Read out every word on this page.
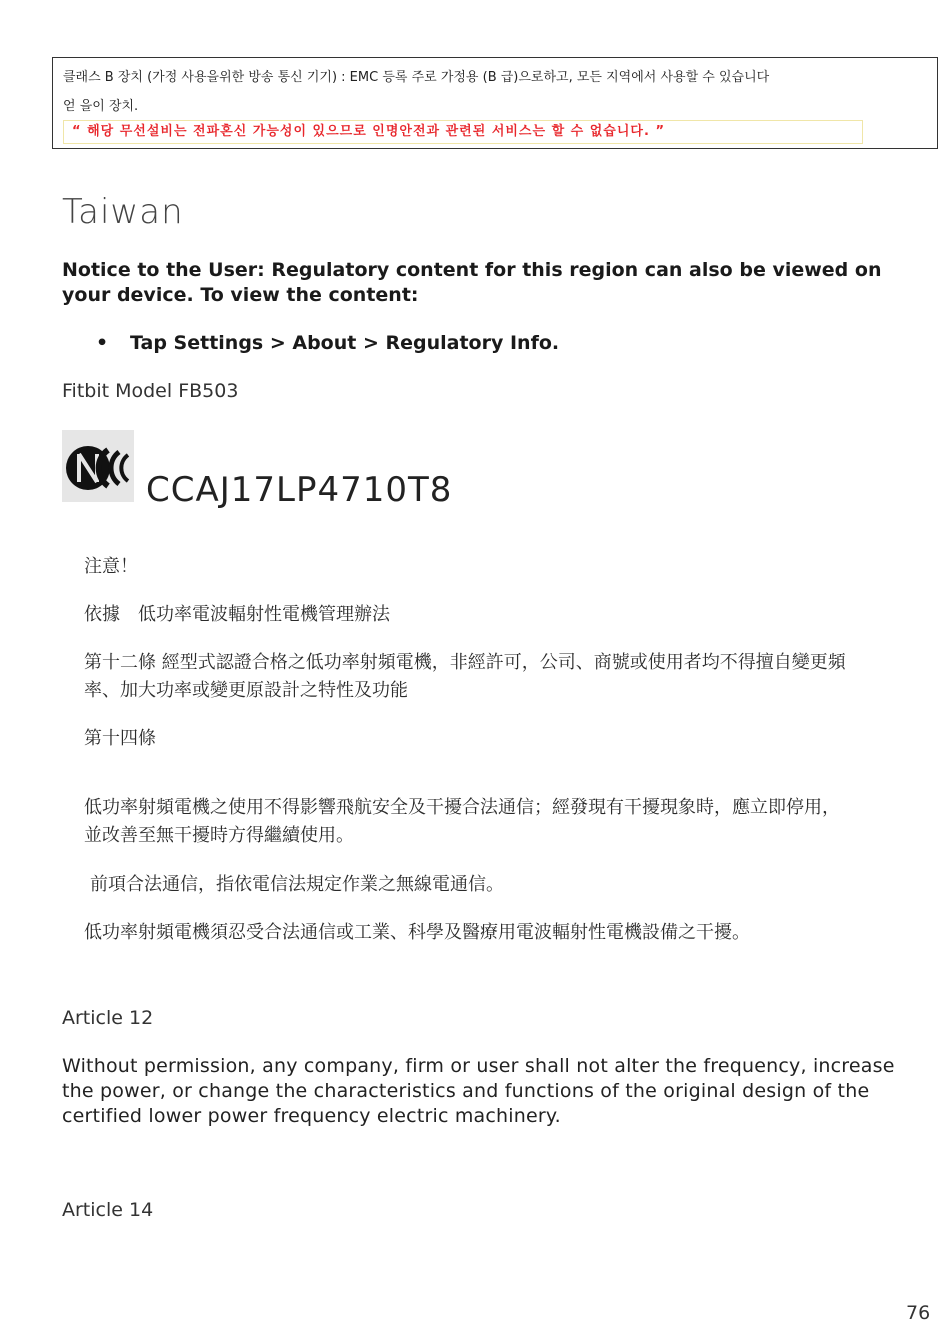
클래스 B 장치 (가정 사용을위한 방송 통신 기기) : EMC 등록 주로 가정용 (B 급)으로하고, 모든 지역에서 사용할 수 있습니다
얻 을이 장치.
“ 해당 무선설비는 전파혼신 가능성이 있으므로 인명안전과 관련된 서비스는 할 수 없습니다. ”
Taiwan
Notice to the User: Regulatory content for this region can also be viewed on your device. To view the content:
• Tap Settings > About > Regulatory Info.
Fitbit Model FB503
CCAJ17LP4710T8
注意！
依據　低功率電波輻射性電機管理辦法
第十二條 經型式認證合格之低功率射頻電機，非經許可，公司、商號或使用者均不得擅自變更頻
率、加大功率或變更原設計之特性及功能
第十四條
低功率射頻電機之使用不得影響飛航安全及干擾合法通信；經發現有干擾現象時，應立即停用，
並改善至無干擾時方得繼續使用。
前項合法通信，指依電信法規定作業之無線電通信。
低功率射頻電機須忍受合法通信或工業、科學及醫療用電波輻射性電機設備之干擾。
Article 12
Without permission, any company, firm or user shall not alter the frequency, increase the power, or change the characteristics and functions of the original design of the certified lower power frequency electric machinery.
Article 14
76
